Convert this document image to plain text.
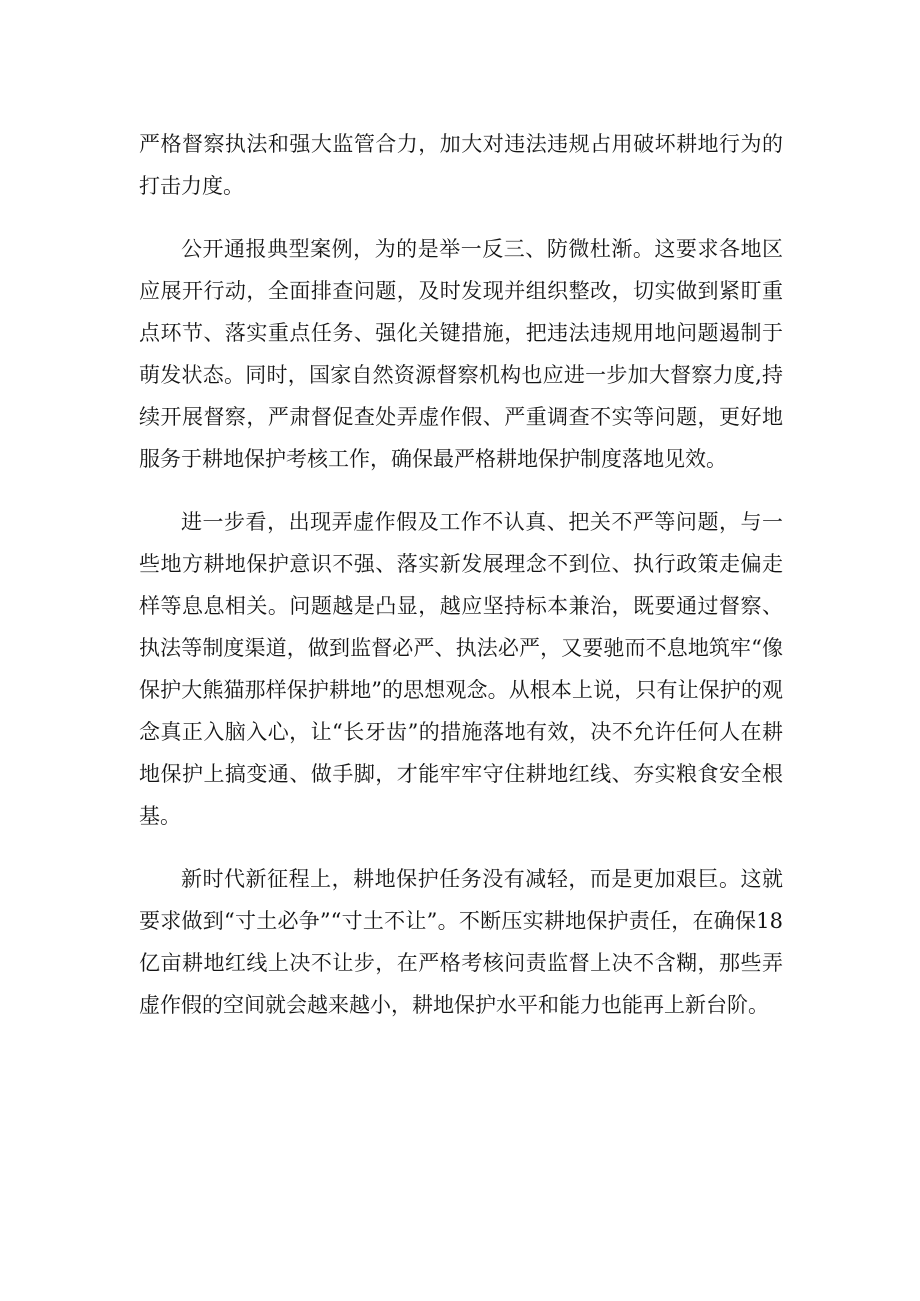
严格督察执法和强大监管合力，加大对违法违规占用破坏耕地行为的打击力度。

公开通报典型案例，为的是举一反三、防微杜渐。这要求各地区应展开行动，全面排查问题，及时发现并组织整改，切实做到紧盯重点环节、落实重点任务、强化关键措施，把违法违规用地问题遏制于萌发状态。同时，国家自然资源督察机构也应进一步加大督察力度,持续开展督察，严肃督促查处弄虚作假、严重调查不实等问题，更好地服务于耕地保护考核工作，确保最严格耕地保护制度落地见效。

进一步看，出现弄虚作假及工作不认真、把关不严等问题，与一些地方耕地保护意识不强、落实新发展理念不到位、执行政策走偏走样等息息相关。问题越是凸显，越应坚持标本兼治，既要通过督察、执法等制度渠道，做到监督必严、执法必严，又要驰而不息地筑牢“像保护大熊猫那样保护耕地”的思想观念。从根本上说，只有让保护的观念真正入脑入心，让“长牙齿”的措施落地有效，决不允许任何人在耕地保护上搞变通、做手脚，才能牢牢守住耕地红线、夯实粮食安全根基。

新时代新征程上，耕地保护任务没有减轻，而是更加艰巨。这就要求做到“寸土必争”“寸土不让”。不断压实耕地保护责任，在确保18亿亩耕地红线上决不让步，在严格考核问责监督上决不含糊，那些弄虚作假的空间就会越来越小，耕地保护水平和能力也能再上新台阶。
